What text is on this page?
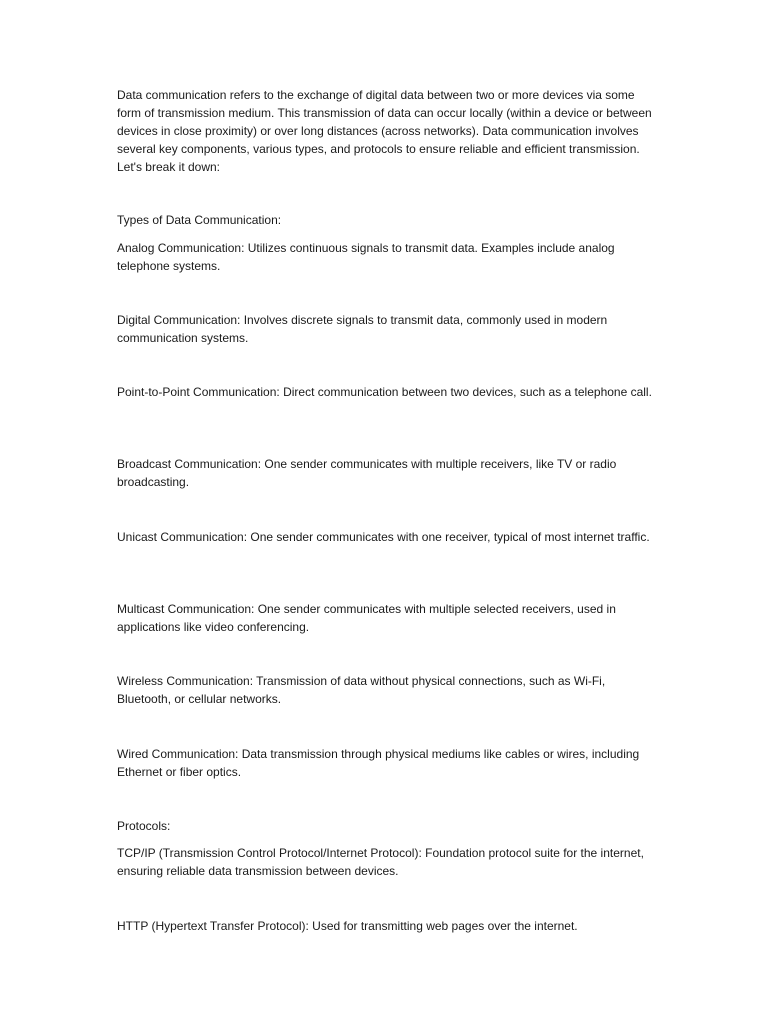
Data communication refers to the exchange of digital data between two or more devices via some form of transmission medium. This transmission of data can occur locally (within a device or between devices in close proximity) or over long distances (across networks). Data communication involves several key components, various types, and protocols to ensure reliable and efficient transmission. Let's break it down:

Types of Data Communication:

Analog Communication: Utilizes continuous signals to transmit data. Examples include analog telephone systems.

Digital Communication: Involves discrete signals to transmit data, commonly used in modern communication systems.

Point-to-Point Communication: Direct communication between two devices, such as a telephone call.

Broadcast Communication: One sender communicates with multiple receivers, like TV or radio broadcasting.

Unicast Communication: One sender communicates with one receiver, typical of most internet traffic.

Multicast Communication: One sender communicates with multiple selected receivers, used in applications like video conferencing.

Wireless Communication: Transmission of data without physical connections, such as Wi-Fi, Bluetooth, or cellular networks.

Wired Communication: Data transmission through physical mediums like cables or wires, including Ethernet or fiber optics.

Protocols:

TCP/IP (Transmission Control Protocol/Internet Protocol): Foundation protocol suite for the internet, ensuring reliable data transmission between devices.

HTTP (Hypertext Transfer Protocol): Used for transmitting web pages over the internet.
